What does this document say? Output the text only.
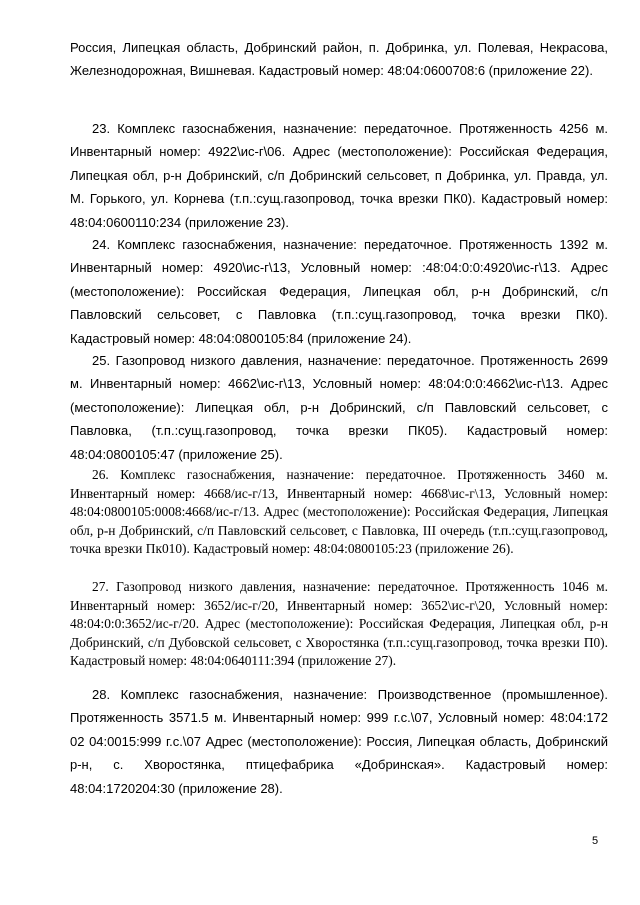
Россия, Липецкая область, Добринский район, п. Добринка, ул. Полевая, Некрасова, Железнодорожная, Вишневая. Кадастровый номер: 48:04:0600708:6 (приложение 22).

23. Комплекс газоснабжения, назначение: передаточное. Протяженность 4256 м. Инвентарный номер: 4922\ис-г\06. Адрес (местоположение): Российская Федерация, Липецкая обл, р-н Добринский, с/п Добринский сельсовет, п Добринка, ул. Правда, ул. М. Горького, ул. Корнева (т.п.:сущ.газопровод, точка врезки ПК0). Кадастровый номер: 48:04:0600110:234 (приложение 23).

24. Комплекс газоснабжения, назначение: передаточное. Протяженность 1392 м. Инвентарный номер: 4920\ис-г\13, Условный номер: :48:04:0:0:4920\ис-г\13. Адрес (местоположение): Российская Федерация, Липецкая обл, р-н Добринский, с/п Павловский сельсовет, с Павловка (т.п.:сущ.газопровод, точка врезки ПК0). Кадастровый номер: 48:04:0800105:84 (приложение 24).

25. Газопровод низкого давления, назначение: передаточное. Протяженность 2699 м. Инвентарный номер: 4662\ис-г\13, Условный номер: 48:04:0:0:4662\ис-г\13. Адрес (местоположение): Липецкая обл, р-н Добринский, с/п Павловский сельсовет, с Павловка, (т.п.:сущ.газопровод, точка врезки ПК05). Кадастровый номер: 48:04:0800105:47 (приложение 25).

26. Комплекс газоснабжения, назначение: передаточное. Протяженность 3460 м. Инвентарный номер: 4668/ис-г/13, Инвентарный номер: 4668\ис-г\13, Условный номер: 48:04:0800105:0008:4668/ис-г/13. Адрес (местоположение): Российская Федерация, Липецкая обл, р-н Добринский, с/п Павловский сельсовет, с Павловка, III очередь (т.п.:сущ.газопровод, точка врезки Пк010). Кадастровый номер: 48:04:0800105:23 (приложение 26).

27. Газопровод низкого давления, назначение: передаточное. Протяженность 1046 м. Инвентарный номер: 3652/ис-г/20, Инвентарный номер: 3652\ис-г\20, Условный номер: 48:04:0:0:3652/ис-г/20. Адрес (местоположение): Российская Федерация, Липецкая обл, р-н Добринский, с/п Дубовской сельсовет, с Хворостянка (т.п.:сущ.газопровод, точка врезки П0). Кадастровый номер: 48:04:0640111:394 (приложение 27).

28. Комплекс газоснабжения, назначение: Производственное (промышленное). Протяженность 3571.5 м. Инвентарный номер: 999 г.с.\07, Условный номер: 48:04:172 02 04:0015:999 г.с.\07 Адрес (местоположение): Россия, Липецкая область, Добринский р-н, с. Хворостянка, птицефабрика «Добринская». Кадастровый номер: 48:04:1720204:30 (приложение 28).

5
